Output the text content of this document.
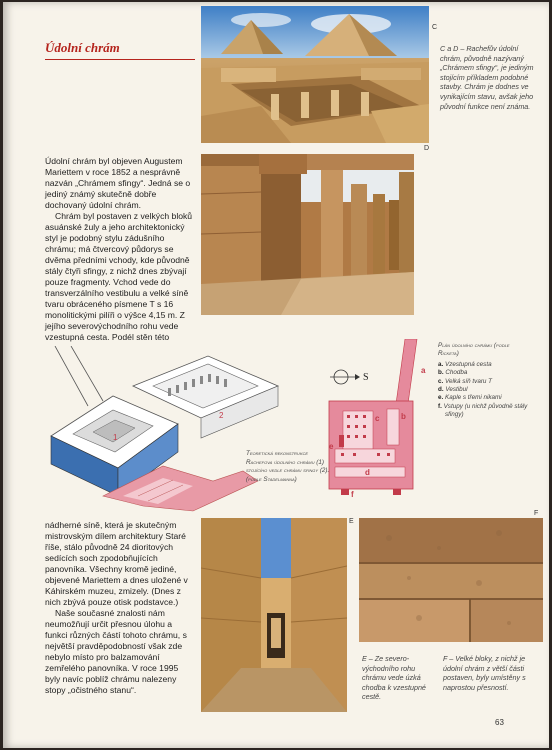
Údolní chrám
C
C a D – Rachefův údolní chrám, původně nazývaný „Chrámem sfingy“, je jediným stojícím příkladem podobné stavby. Chrám je dodnes ve vynikajícím stavu, avšak jeho původní funkce není známa.
D

Údolní chrám byl objeven Augustem Mariettem v roce 1852 a nesprávně nazván „Chrámem sfingy“. Jedná se o jediný známý skutečně dobře dochovaný údolní chrám.

Chrám byl postaven z velkých bloků asuánské žuly a jeho architektonický styl je podobný stylu zádušního chrámu; má čtvercový půdorys se dvěma předními vchody, kde původně stály čtyři sfingy, z nichž dnes zbývají pouze fragmenty. Vchod vede do transverzálního vestibulu a velké síně tvaru obráceného písmene T s 16 monolitickými pilíři o výšce 4,15 m. Z jejího severovýchodního rohu vede vzestupná cesta. Podél stěn této

1
2
Teoretická rekonstrukce Rachefova údolního chrámu (1) stojícího vedle chrámu sfingy (2). (podle Stadelmanna)
S
a
b
c
d
e
f
Plán údolního chrámu (podle Ricketa)
a. Vzestupná cesta
b. Chodba
c. Velká síň tvaru T
d. Vestibul
e. Kaple s třemi nikami
f. Vstupy (u nichž původně stály sfingy)

nádherné síně, která je skutečným mistrovským dílem architektury Staré říše, stálo původně 24 dioritových sedících soch zpodobňujících panovníka. Všechny kromě jediné, objevené Mariettem a dnes uložené v Káhirském muzeu, zmizely. (Dnes z nich zbývá pouze otisk podstavce.)

Naše současné znalosti nám neumožňují určit přesnou úlohu a funkci různých částí tohoto chrámu, s největší pravděpodobností však zde nebylo místo pro balzamování zemřelého panovníka. V roce 1995 byly navíc poblíž chrámu nalezeny stopy „očistného stanu“.

E
F
E – Ze severo-východního rohu chrámu vede úzká chodba k vzestupné cestě.
F – Velké bloky, z nichž je údolní chrám z větší části postaven, byly umístěny s naprostou přesností.
63
